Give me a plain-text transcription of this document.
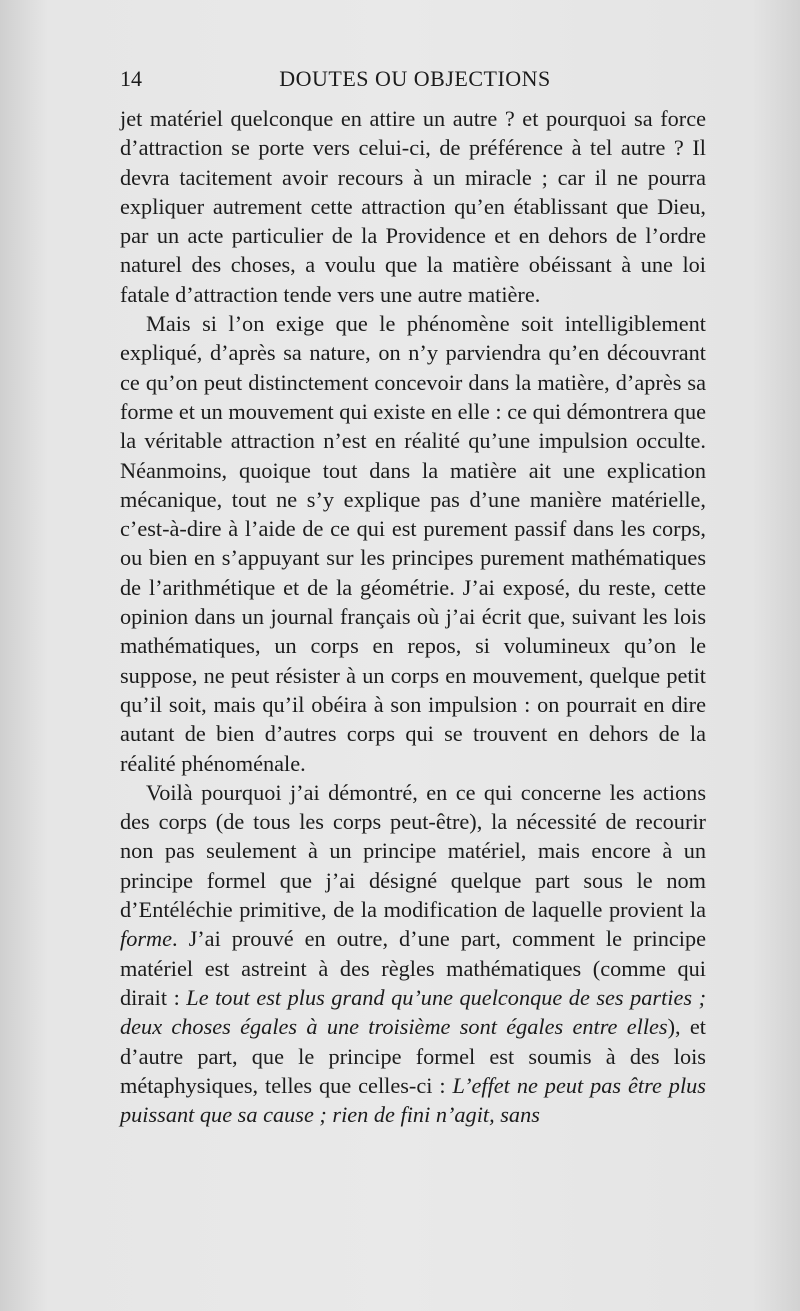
14	DOUTES OU OBJECTIONS

jet matériel quelconque en attire un autre ? et pourquoi sa force d’attraction se porte vers celui-ci, de préférence à tel autre ? Il devra tacitement avoir recours à un miracle ; car il ne pourra expliquer autrement cette attraction qu’en établissant que Dieu, par un acte particulier de la Providence et en dehors de l’ordre naturel des choses, a voulu que la matière obéissant à une loi fatale d’attraction tende vers une autre matière.

Mais si l’on exige que le phénomène soit intelligiblement expliqué, d’après sa nature, on n’y parviendra qu’en découvrant ce qu’on peut distinctement concevoir dans la matière, d’après sa forme et un mouvement qui existe en elle : ce qui démontrera que la véritable attraction n’est en réalité qu’une impulsion occulte. Néanmoins, quoique tout dans la matière ait une explication mécanique, tout ne s’y explique pas d’une manière matérielle, c’est-à-dire à l’aide de ce qui est purement passif dans les corps, ou bien en s’appuyant sur les principes purement mathématiques de l’arithmétique et de la géométrie. J’ai exposé, du reste, cette opinion dans un journal français où j’ai écrit que, suivant les lois mathématiques, un corps en repos, si volumineux qu’on le suppose, ne peut résister à un corps en mouvement, quelque petit qu’il soit, mais qu’il obéira à son impulsion : on pourrait en dire autant de bien d’autres corps qui se trouvent en dehors de la réalité phénoménale.

Voilà pourquoi j’ai démontré, en ce qui concerne les actions des corps (de tous les corps peut-être), la nécessité de recourir non pas seulement à un principe matériel, mais encore à un principe formel que j’ai désigné quelque part sous le nom d’Entéléchie primitive, de la modification de laquelle provient la forme. J’ai prouvé en outre, d’une part, comment le principe matériel est astreint à des règles mathématiques (comme qui dirait : Le tout est plus grand qu’une quelconque de ses parties ; deux choses égales à une troisième sont égales entre elles), et d’autre part, que le principe formel est soumis à des lois métaphysiques, telles que celles-ci : L’effet ne peut pas être plus puissant que sa cause ; rien de fini n’agit, sans
